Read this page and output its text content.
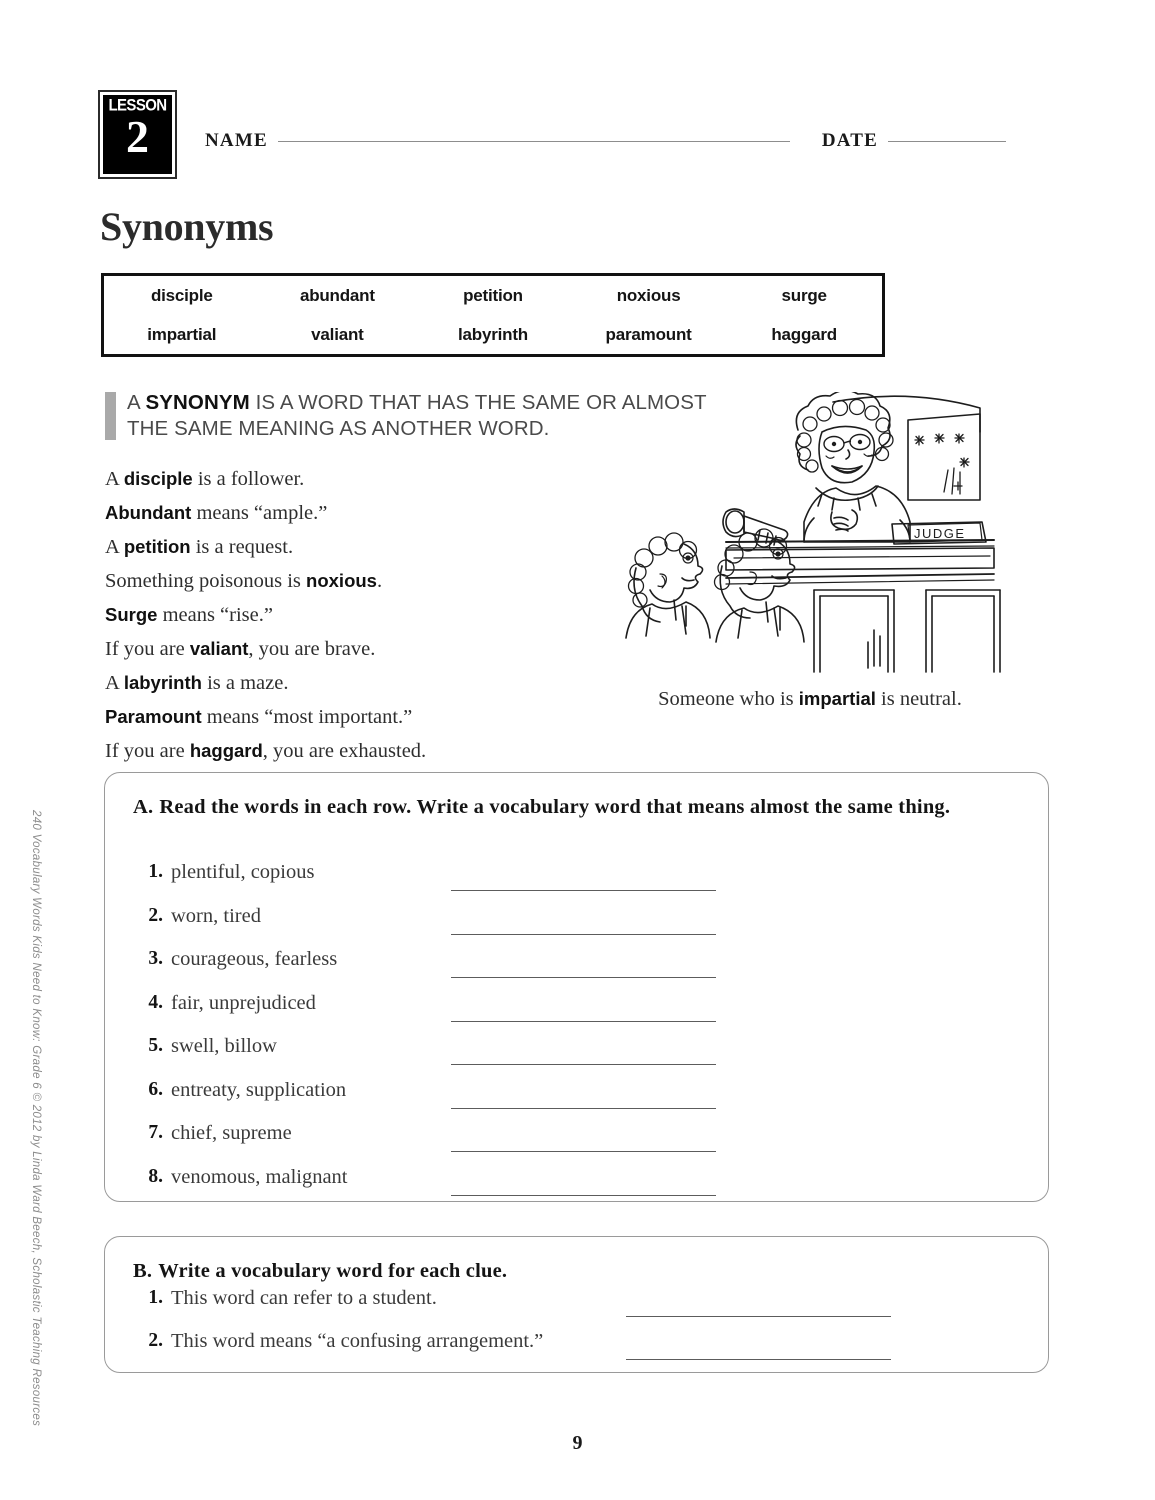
LESSON
2	NAME	DATE
Synonyms
disciple	abundant	petition	noxious	surge
impartial	valiant	labyrinth	paramount	haggard
A SYNONYM IS A WORD THAT HAS THE SAME OR ALMOST THE SAME MEANING AS ANOTHER WORD.
A disciple is a follower.
Abundant means “ample.”
A petition is a request.
Something poisonous is noxious.
Surge means “rise.”
If you are valiant, you are brave.
A labyrinth is a maze.
Paramount means “most important.”
If you are haggard, you are exhausted.
JUDGE
Someone who is impartial is neutral.
A. Read the words in each row. Write a vocabulary word that means almost the same thing.
1. plentiful, copious
2. worn, tired
3. courageous, fearless
4. fair, unprejudiced
5. swell, billow
6. entreaty, supplication
7. chief, supreme
8. venomous, malignant
B. Write a vocabulary word for each clue.
1. This word can refer to a student.
2. This word means “a confusing arrangement.”
240 Vocabulary Words Kids Need to Know: Grade 6 © 2012 by Linda Ward Beech, Scholastic Teaching Resources
9
